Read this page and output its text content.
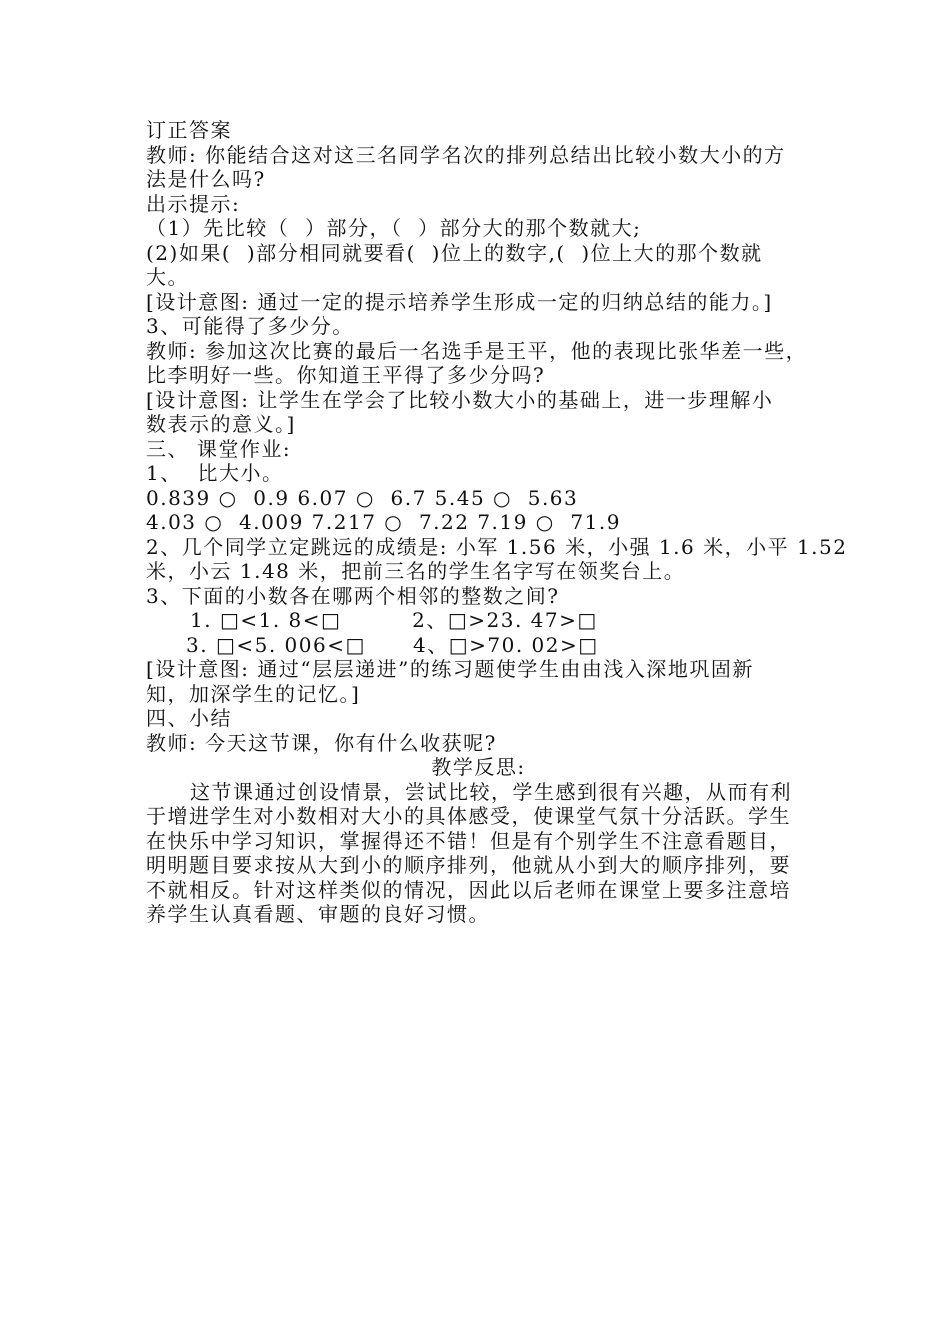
订正答案
教师: 你能结合这对这三名同学名次的排列总结出比较小数大小的方
法是什么吗?
出示提示:
（1）先比较（  ）部分，（  ）部分大的那个数就大;
(2)如果(  )部分相同就要看(  )位上的数字,(  )位上大的那个数就
大。
[设计意图: 通过一定的提示培养学生形成一定的归纳总结的能力。]
3、可能得了多少分。
教师: 参加这次比赛的最后一名选手是王平，他的表现比张华差一些，
比李明好一些。你知道王平得了多少分吗?
[设计意图: 让学生在学会了比较小数大小的基础上，进一步理解小
数表示的意义。]
三、 课堂作业:
1、  比大小。
0.839 ○  0.9 6.07 ○  6.7 5.45 ○  5.63
4.03 ○  4.009 7.217 ○  7.22 7.19 ○  71.9
2、几个同学立定跳远的成绩是: 小军 1.56 米，小强 1.6 米，小平 1.52
米，小云 1.48 米，把前三名的学生名字写在领奖台上。
3、下面的小数各在哪两个相邻的整数之间?
1. □<1. 8<□         2、□>23. 47>□
3. □<5. 006<□      4、□>70. 02>□
[设计意图: 通过“层层递进”的练习题使学生由由浅入深地巩固新
知，加深学生的记忆。]
四、小结
教师: 今天这节课，你有什么收获呢?
教学反思:
这节课通过创设情景，尝试比较，学生感到很有兴趣，从而有利于增进学生对小数相对大小的具体感受，使课堂气氛十分活跃。学生在快乐中学习知识，掌握得还不错！但是有个别学生不注意看题目，明明题目要求按从大到小的顺序排列，他就从小到大的顺序排列，要不就相反。针对这样类似的情况，因此以后老师在课堂上要多注意培养学生认真看题、审题的良好习惯。
